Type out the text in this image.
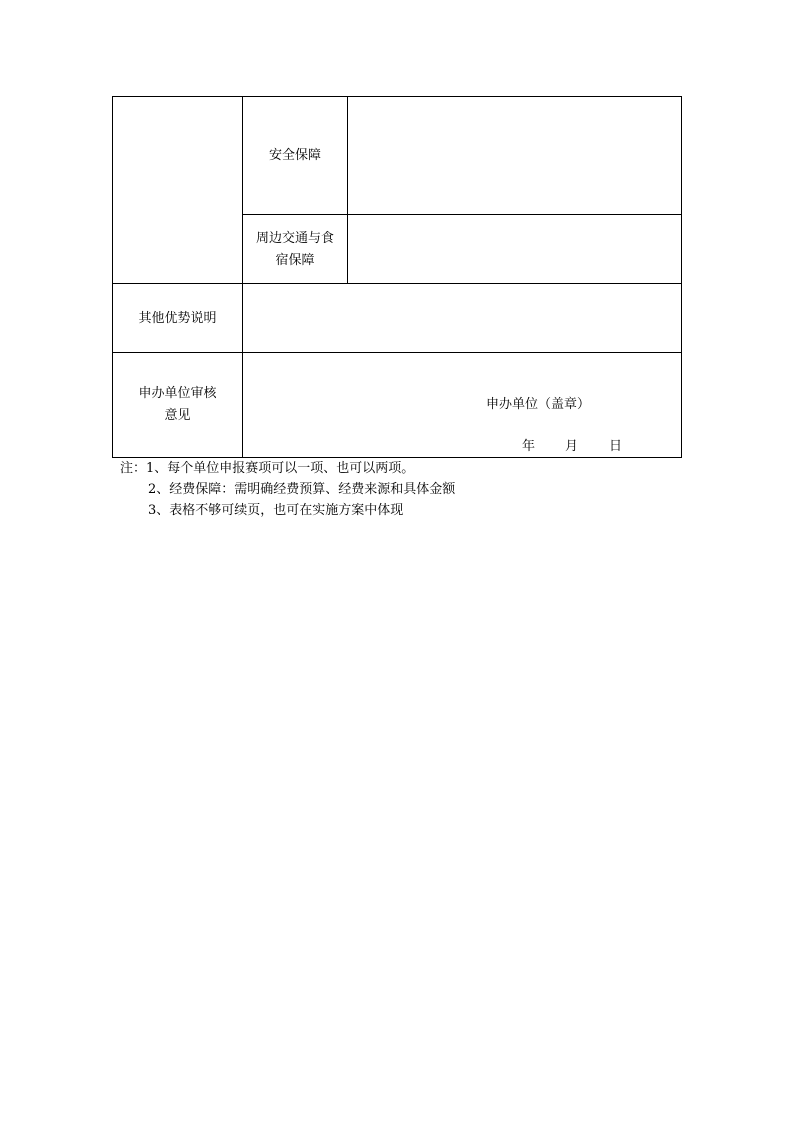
安全保障
周边交通与食
宿保障
其他优势说明
申办单位审核
意见
申办单位（盖章）
年 月 日
注：1、每个单位申报赛项可以一项、也可以两项。
2、经费保障：需明确经费预算、经费来源和具体金额
3、表格不够可续页，也可在实施方案中体现
